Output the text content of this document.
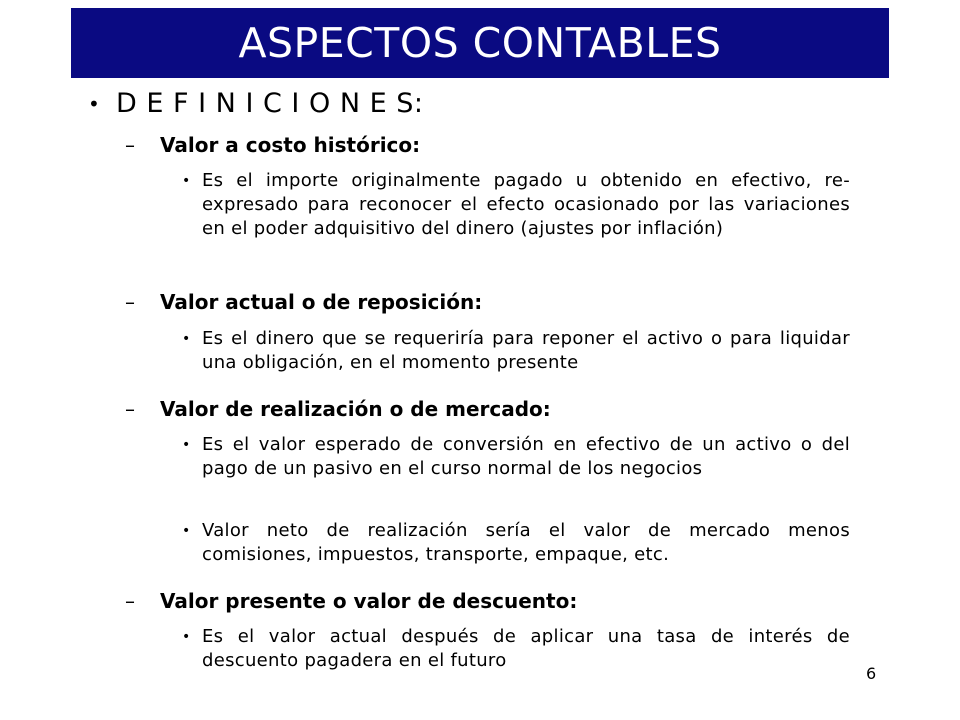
ASPECTOS CONTABLES
• D E F I N I C I O N E S:
– Valor a costo histórico:
• Es el importe originalmente pagado u obtenido en efectivo, re-expresado para reconocer el efecto ocasionado por las variaciones en el poder adquisitivo del dinero (ajustes por inflación)
– Valor actual o de reposición:
• Es el dinero que se requeriría para reponer el activo o para liquidar una obligación, en el momento presente
– Valor de realización o de mercado:
• Es el valor esperado de conversión en efectivo de un activo o del pago de un pasivo en el curso normal de los negocios
• Valor neto de realización sería el valor de mercado menos comisiones, impuestos, transporte, empaque, etc.
– Valor presente o valor de descuento:
• Es el valor actual después de aplicar una tasa de interés de descuento pagadera en el futuro
6
